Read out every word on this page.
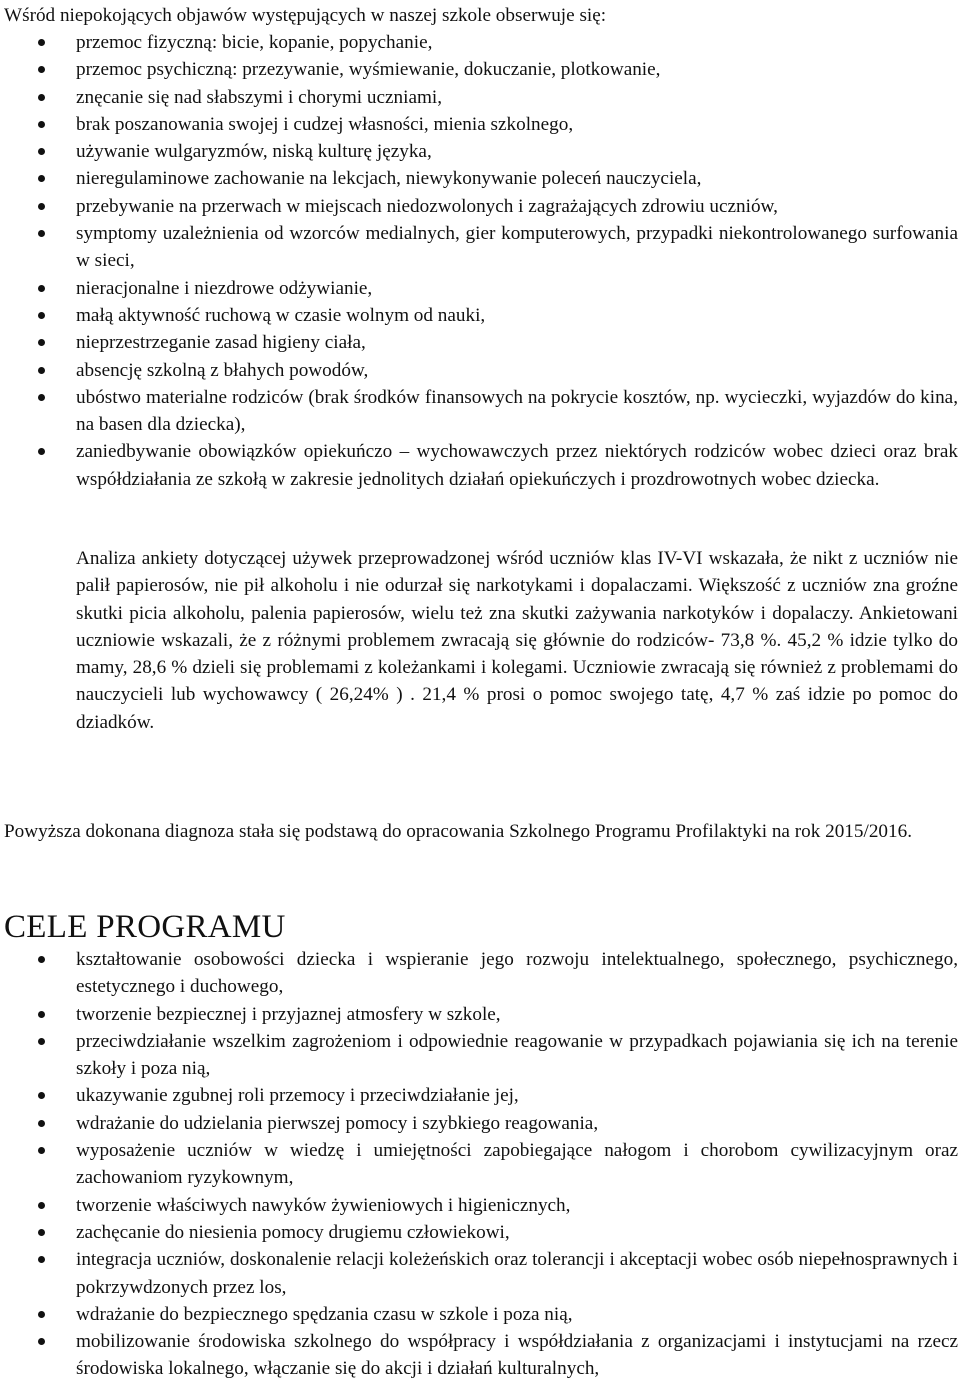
Wśród niepokojących objawów występujących w naszej szkole obserwuje się:

przemoc fizyczną: bicie, kopanie, popychanie,
przemoc psychiczną: przezywanie, wyśmiewanie, dokuczanie, plotkowanie,
znęcanie się nad słabszymi i chorymi uczniami,
brak poszanowania swojej i cudzej własności, mienia szkolnego,
używanie wulgaryzmów, niską kulturę języka,
nieregulaminowe zachowanie na lekcjach, niewykonywanie poleceń nauczyciela,
przebywanie na przerwach w miejscach niedozwolonych i zagrażających zdrowiu uczniów,
symptomy uzależnienia od wzorców medialnych, gier komputerowych, przypadki niekontrolowanego surfowania w sieci,
nieracjonalne i niezdrowe odżywianie,
małą aktywność ruchową w czasie wolnym od nauki,
nieprzestrzeganie zasad higieny ciała,
absencję szkolną z błahych powodów,
ubóstwo materialne rodziców (brak środków finansowych na pokrycie kosztów, np. wycieczki, wyjazdów do kina, na basen dla dziecka),
zaniedbywanie obowiązków opiekuńczo – wychowawczych przez niektórych rodziców wobec dzieci oraz brak współdziałania ze szkołą w zakresie jednolitych działań opiekuńczych i prozdrowotnych wobec dziecka.

Analiza ankiety dotyczącej używek przeprowadzonej wśród uczniów klas IV-VI wskazała, że nikt z uczniów nie palił papierosów, nie pił alkoholu i nie odurzał się narkotykami i dopalaczami. Większość z uczniów zna groźne skutki picia alkoholu, palenia papierosów, wielu też zna skutki zażywania narkotyków i dopalaczy. Ankietowani uczniowie wskazali, że z różnymi problemem zwracają się głównie do rodziców- 73,8 %. 45,2 % idzie tylko do mamy, 28,6 % dzieli się problemami z koleżankami i kolegami. Uczniowie zwracają się również z problemami do nauczycieli lub wychowawcy ( 26,24% ) . 21,4 % prosi o pomoc swojego tatę, 4,7 % zaś idzie po pomoc do dziadków.

Powyższa dokonana diagnoza stała się podstawą do opracowania Szkolnego Programu Profilaktyki na rok 2015/2016.

CELE PROGRAMU
kształtowanie osobowości dziecka i wspieranie jego rozwoju intelektualnego, społecznego, psychicznego, estetycznego i duchowego,
tworzenie bezpiecznej i przyjaznej atmosfery w szkole,
przeciwdziałanie wszelkim zagrożeniom i odpowiednie reagowanie w przypadkach pojawiania się ich na terenie szkoły i poza nią,
ukazywanie zgubnej roli przemocy i przeciwdziałanie jej,
wdrażanie do udzielania pierwszej pomocy i szybkiego reagowania,
wyposażenie uczniów w wiedzę i umiejętności zapobiegające nałogom i chorobom cywilizacyjnym oraz zachowaniom ryzykownym,
tworzenie właściwych nawyków żywieniowych i higienicznych,
zachęcanie do niesienia pomocy drugiemu człowiekowi,
integracja uczniów, doskonalenie relacji koleżeńskich oraz tolerancji i akceptacji wobec osób niepełnosprawnych i pokrzywdzonych przez los,
wdrażanie do bezpiecznego spędzania czasu w szkole i poza nią,
mobilizowanie środowiska szkolnego do współpracy i współdziałania z organizacjami i instytucjami na rzecz środowiska lokalnego, włączanie się do akcji i działań kulturalnych,
